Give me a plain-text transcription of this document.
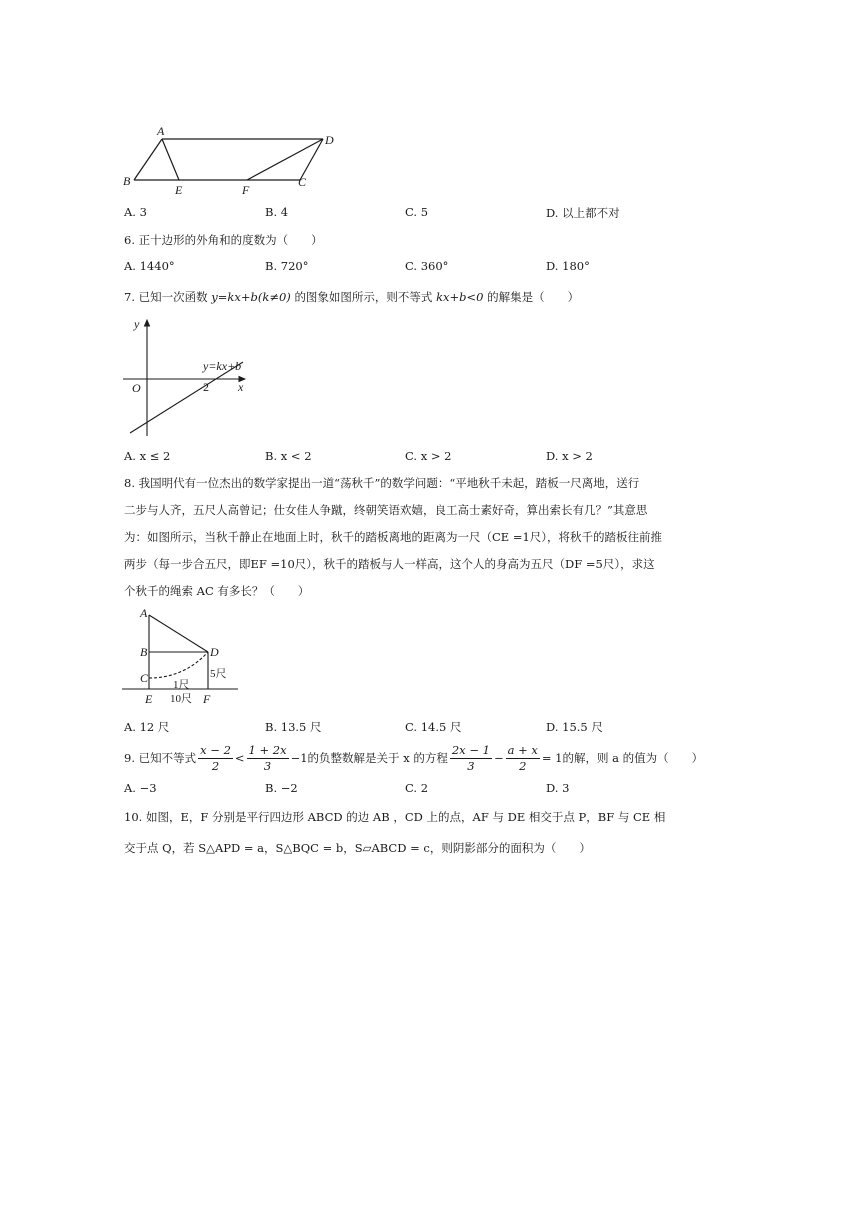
A
B
D
E	F
C
A. 3	B. 4	C. 5	D. 以上都不对
6. 正十边形的外角和的度数为（　　）
A. 1440°	B. 720°	C. 360°	D. 180°
7. 已知一次函数 y=kx+b(k≠0) 的图象如图所示，则不等式 kx+b<0 的解集是（　　）
y
O	x
y=kx+b
2
A. x ≤ 2	B. x < 2	C. x > 2	D. x > 2
8. 我国明代有一位杰出的数学家提出一道“荡秋千”的数学问题：“平地秋千未起，踏板一尺离地，送行
二步与人齐，五尺人高曾记；仕女佳人争蹴，终朝笑语欢嬉，良工高士素好奇，算出索长有几？”其意思
为：如图所示，当秋千静止在地面上时，秋千的踏板离地的距离为一尺（CE =1尺），将秋千的踏板往前推
两步（每一步合五尺，即EF =10尺），秋千的踏板与人一样高，这个人的身高为五尺（DF =5尺），求这
个秋千的绳索 AC 有多长？（　　）
A
B
C
D
E	F
5尺
1尺
10尺
A. 12 尺	B. 13.5 尺	C. 14.5 尺	D. 15.5 尺
9. 已知不等式 $\frac{x - 2}{2} < \frac{1 + 2x}{3} -1$的负整数解是关于 x 的方程 $\frac{2x - 1}{3} - \frac{a + x}{2} = 1$的解，则 a 的值为（　　）
A. −3	B. −2	C. 2	D. 3
10. 如图，E，F 分别是平行四边形 ABCD 的边 AB ，CD 上的点，AF 与 DE 相交于点 P，BF 与 CE 相
交于点 Q，若 S△APD = a，S△BQC = b，S▱ABCD = c，则阴影部分的面积为（　　）
